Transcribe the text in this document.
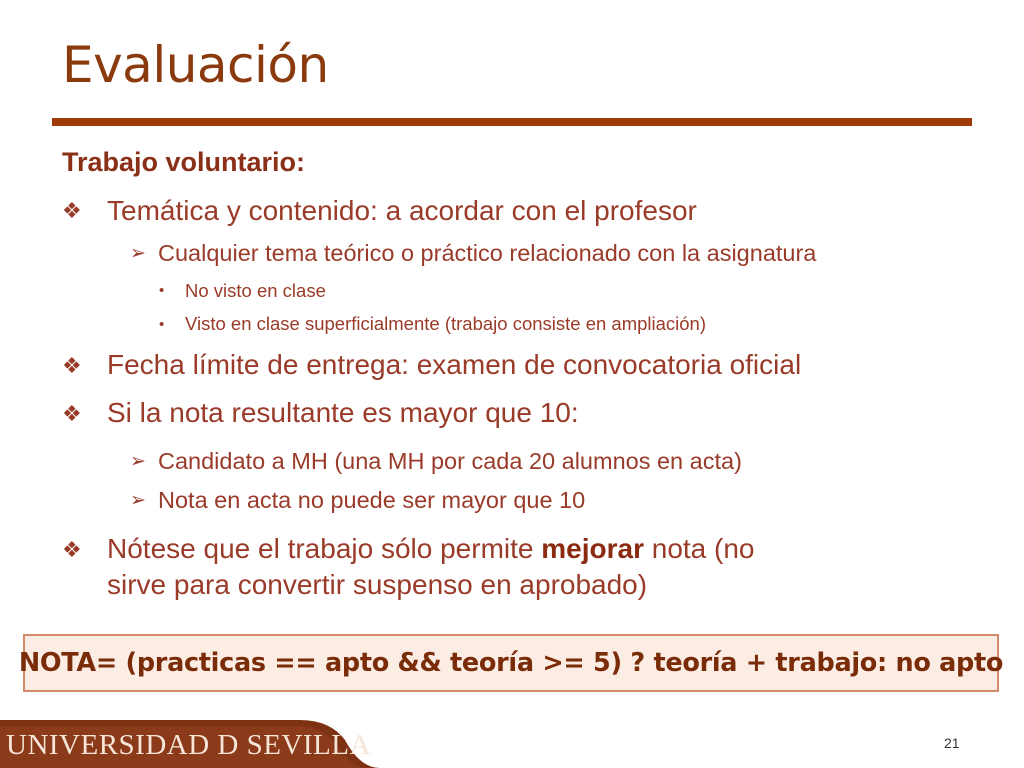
Evaluación
Trabajo voluntario:
❖ Temática y contenido: a acordar con el profesor
➢ Cualquier tema teórico o práctico relacionado con la asignatura
• No visto en clase
• Visto en clase superficialmente (trabajo consiste en ampliación)
❖ Fecha límite de entrega: examen de convocatoria oficial
❖ Si la nota resultante es mayor que 10:
➢ Candidato a MH (una MH por cada 20 alumnos en acta)
➢ Nota en acta no puede ser mayor que 10
❖ Nótese que el trabajo sólo permite mejorar nota (no
sirve para convertir suspenso en aprobado)
NOTA= (practicas == apto && teoría >= 5) ? teoría + trabajo: no apto
UNIVERSIDAD D SEVILLA	21
